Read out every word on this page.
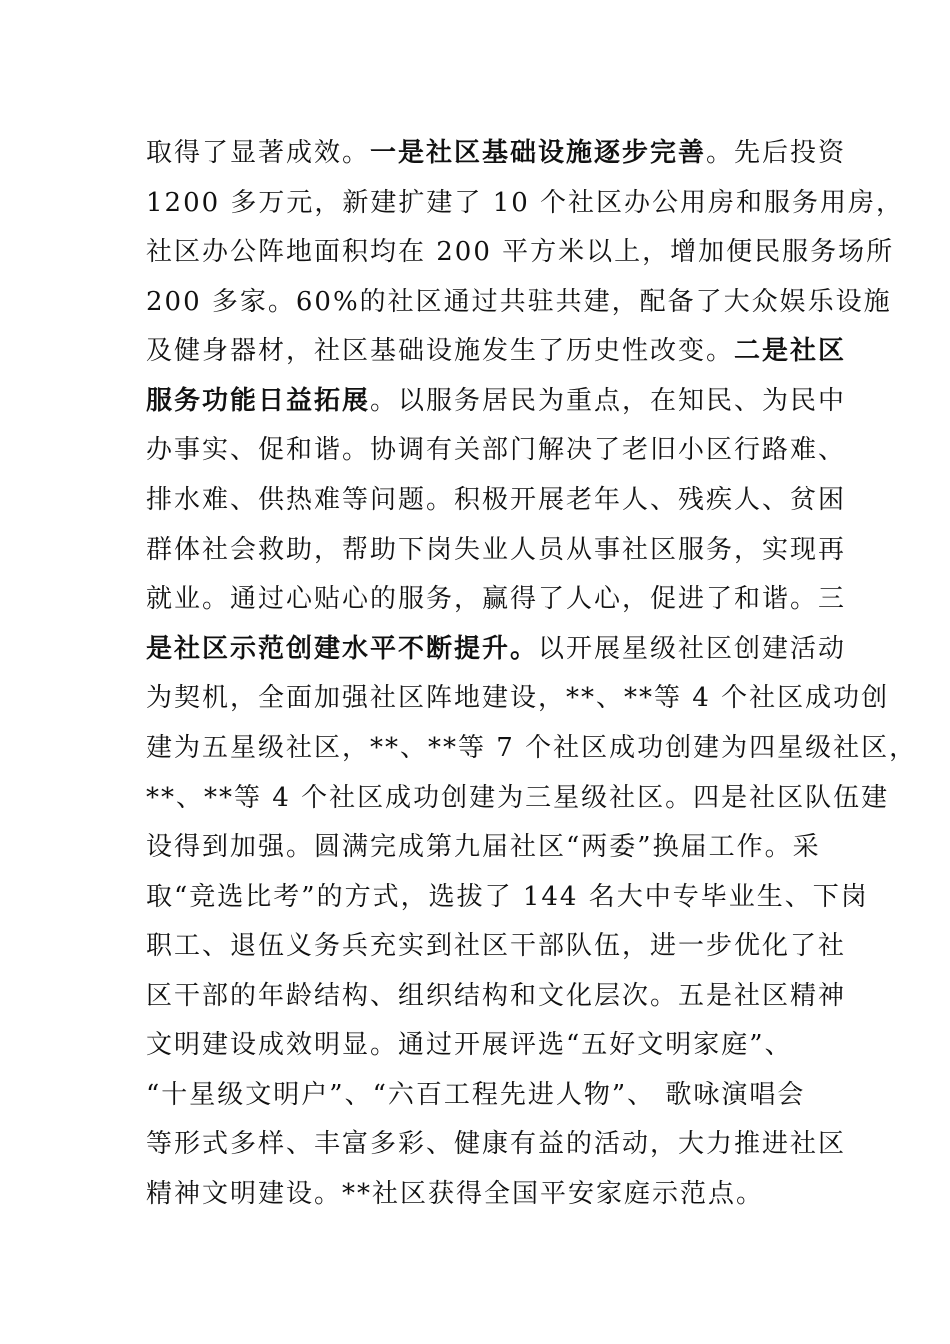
取得了显著成效。一是社区基础设施逐步完善。先后投资
1200 多万元，新建扩建了 10 个社区办公用房和服务用房，
社区办公阵地面积均在 200 平方米以上，增加便民服务场所
200 多家。60%的社区通过共驻共建，配备了大众娱乐设施
及健身器材，社区基础设施发生了历史性改变。二是社区
服务功能日益拓展。以服务居民为重点，在知民、为民中
办事实、促和谐。协调有关部门解决了老旧小区行路难、
排水难、供热难等问题。积极开展老年人、残疾人、贫困
群体社会救助，帮助下岗失业人员从事社区服务，实现再
就业。通过心贴心的服务，赢得了人心，促进了和谐。三
是社区示范创建水平不断提升。以开展星级社区创建活动
为契机，全面加强社区阵地建设，**、**等 4 个社区成功创
建为五星级社区，**、**等 7 个社区成功创建为四星级社区，
**、**等 4 个社区成功创建为三星级社区。四是社区队伍建
设得到加强。圆满完成第九届社区“两委”换届工作。采
取“竞选比考”的方式，选拔了 144 名大中专毕业生、下岗
职工、退伍义务兵充实到社区干部队伍，进一步优化了社
区干部的年龄结构、组织结构和文化层次。五是社区精神
文明建设成效明显。通过开展评选“五好文明家庭”、
“十星级文明户”、“六百工程先进人物”、 歌咏演唱会
等形式多样、丰富多彩、健康有益的活动，大力推进社区
精神文明建设。**社区获得全国平安家庭示范点。
